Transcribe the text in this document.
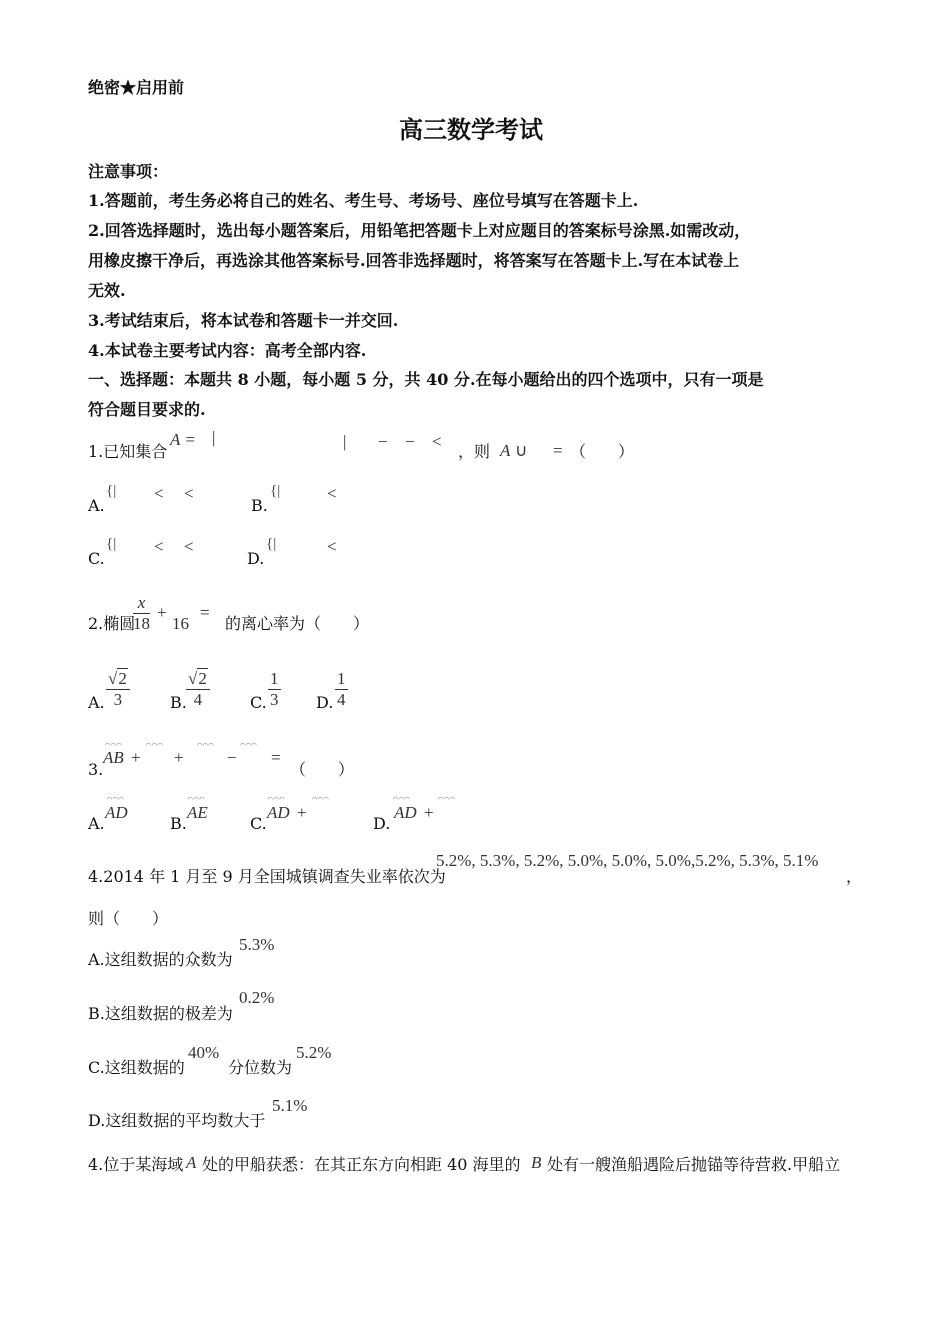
绝密★启用前
高三数学考试
注意事项：
1.答题前，考生务必将自己的姓名、考生号、考场号、座位号填写在答题卡上.
2.回答选择题时，选出每小题答案后，用铅笔把答题卡上对应题目的答案标号涂黑.如需改动，
用橡皮擦干净后，再选涂其他答案标号.回答非选择题时，将答案写在答题卡上.写在本试卷上
无效.
3.考试结束后，将本试卷和答题卡一并交回.
4.本试卷主要考试内容：高考全部内容.
一、选择题：本题共 8 小题，每小题 5 分，共 40 分.在每小题给出的四个选项中，只有一项是
符合题目要求的.
1.已知集合
A = |	| − − <
，则 A ∪ = （　　）
A.
{| < <
B.
{|	<
C.
{| < <
D.
{|	<
2.椭圆
x
18
+
16
=
的离心率为（　　）
A.
√2
3	B.
√2
4	C.
1
3 D.
1
4
3.
⌒⌒⌒
AB +
⌒⌒⌒
+
⌒⌒⌒
−
⌒⌒⌒
=
（　　）
A.
⌒⌒⌒
AD
B.
⌒⌒⌒
AE
C.
⌒⌒⌒
AD +
⌒⌒⌒
D.
⌒⌒⌒
AD +
⌒⌒⌒
4.2014 年 1 月至 9 月全国城镇调查失业率依次为
5.2%, 5.3%, 5.2%, 5.0%, 5.0%, 5.0%,5.2%, 5.3%, 5.1%
，
则（　　）
A.这组数据的众数为
5.3%
B.这组数据的极差为
0.2%
C.这组数据的
40%
分位数为
5.2%
D.这组数据的平均数大于
5.1%
4.位于某海域 A 处的甲船获悉：在其正东方向相距 40 海里的 B 处有一艘渔船遇险后抛锚等待营救.甲船立
